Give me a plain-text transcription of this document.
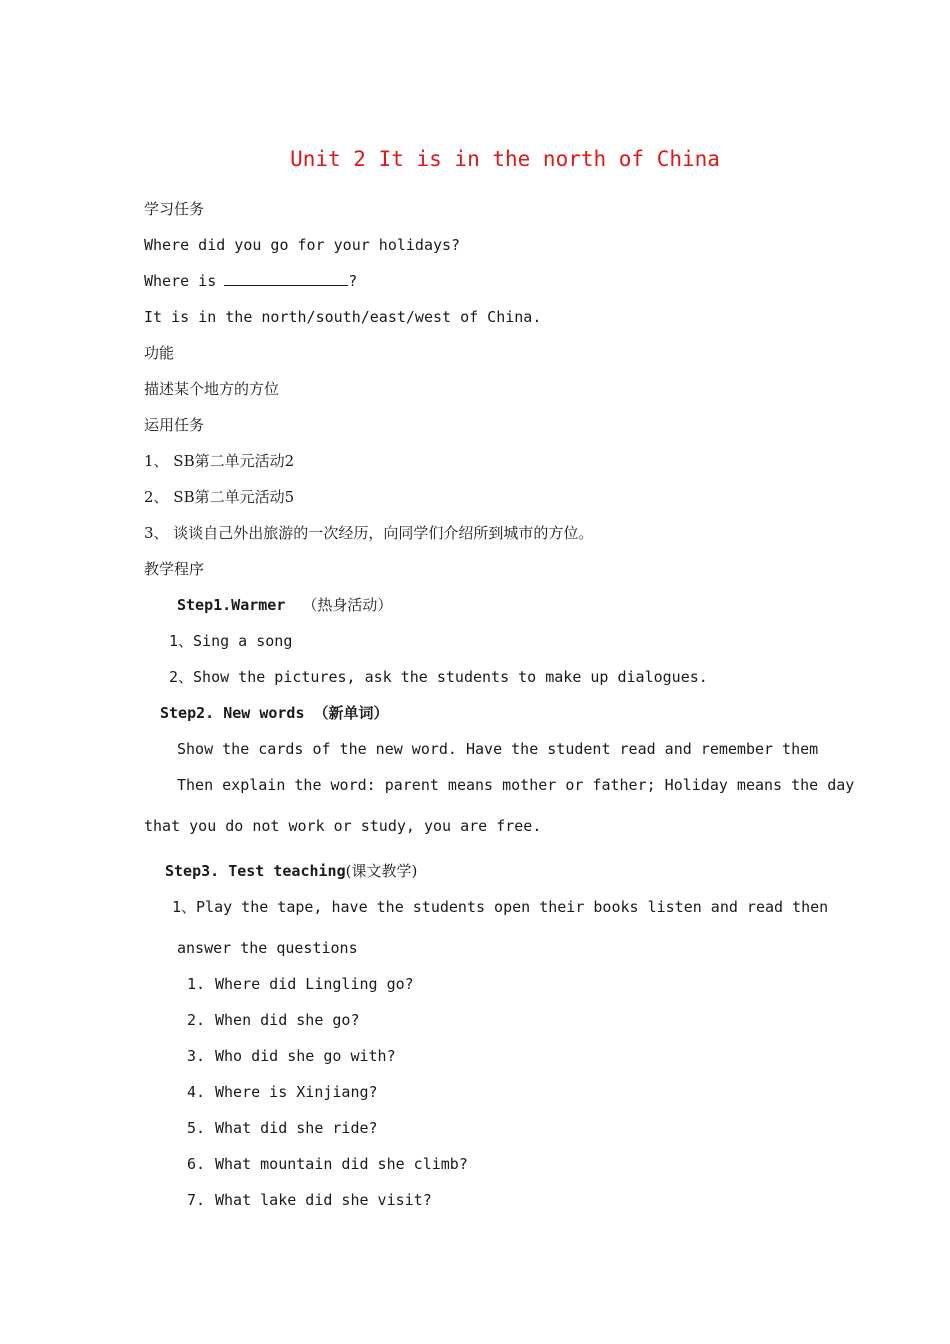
Unit 2 It is in the north of China
学习任务
Where did you go for your holidays?
Where is	?
It is in the north/south/east/west of China.
功能
描述某个地方的方位
运用任务
1、 SB第二单元活动2
2、 SB第二单元活动5
3、 谈谈自己外出旅游的一次经历，向同学们介绍所到城市的方位。
教学程序
Step1.Warmer （热身活动）
1、Sing a song
2、Show the pictures, ask the students to make up dialogues.
Step2. New words （新单词）
Show the cards of the new word. Have the student read and remember them
Then explain the word: parent means mother or father; Holiday means the day
that you do not work or study, you are free.
Step3. Test teaching(课文教学)
1、Play the tape, have the students open their books listen and read then
answer the questions
1. Where did Lingling go?
2. When did she go?
3. Who did she go with?
4. Where is Xinjiang?
5. What did she ride?
6. What mountain did she climb?
7. What lake did she visit?
